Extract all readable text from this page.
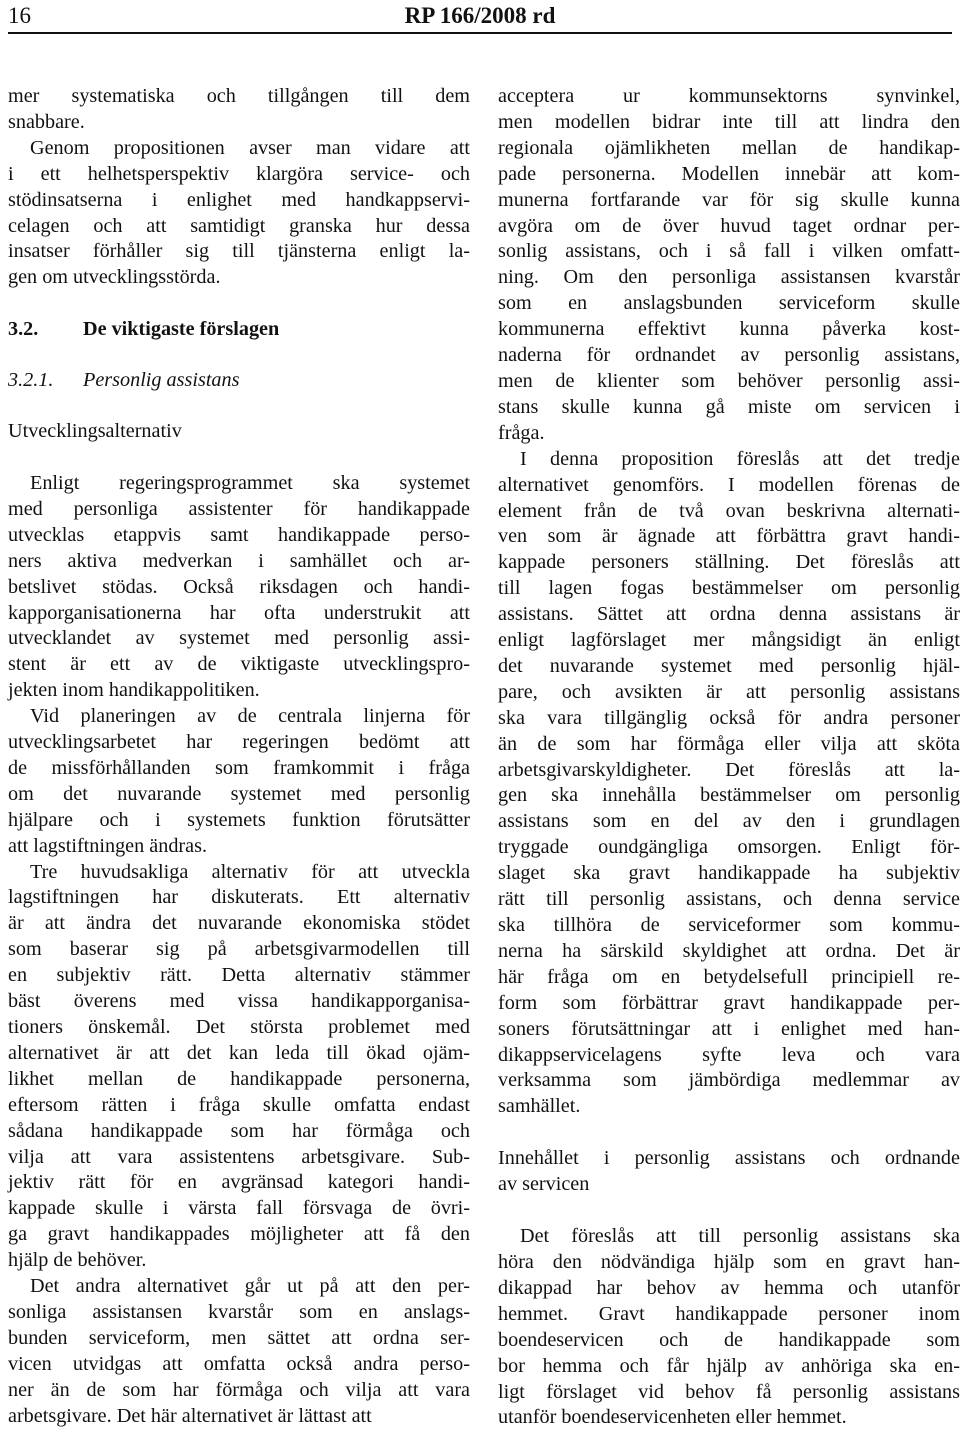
16	RP 166/2008 rd

mer systematiska och tillgången till dem
snabbare.

Genom propositionen avser man vidare att
i ett helhetsperspektiv klargöra service- och
stödinsatserna i enlighet med handkappservi-
celagen och att samtidigt granska hur dessa
insatser förhåller sig till tjänsterna enligt la-
gen om utvecklingsstörda.

3.2. De viktigaste förslagen

3.2.1. Personlig assistans

Utvecklingsalternativ

Enligt regeringsprogrammet ska systemet
med personliga assistenter för handikappade
utvecklas etappvis samt handikappade perso-
ners aktiva medverkan i samhället och ar-
betslivet stödas. Också riksdagen och handi-
kapporganisationerna har ofta understrukit att
utvecklandet av systemet med personlig assi-
stent är ett av de viktigaste utvecklingspro-
jekten inom handikappolitiken.

Vid planeringen av de centrala linjerna för
utvecklingsarbetet har regeringen bedömt att
de missförhållanden som framkommit i fråga
om det nuvarande systemet med personlig
hjälpare och i systemets funktion förutsätter
att lagstiftningen ändras.

Tre huvudsakliga alternativ för att utveckla
lagstiftningen har diskuterats. Ett alternativ
är att ändra det nuvarande ekonomiska stödet
som baserar sig på arbetsgivarmodellen till
en subjektiv rätt. Detta alternativ stämmer
bäst överens med vissa handikapporganisa-
tioners önskemål. Det största problemet med
alternativet är att det kan leda till ökad ojäm-
likhet mellan de handikappade personerna,
eftersom rätten i fråga skulle omfatta endast
sådana handikappade som har förmåga och
vilja att vara assistentens arbetsgivare. Sub-
jektiv rätt för en avgränsad kategori handi-
kappade skulle i värsta fall försvaga de övri-
ga gravt handikappades möjligheter att få den
hjälp de behöver.

Det andra alternativet går ut på att den per-
sonliga assistansen kvarstår som en anslags-
bunden serviceform, men sättet att ordna ser-
vicen utvidgas att omfatta också andra perso-
ner än de som har förmåga och vilja att vara
arbetsgivare. Det här alternativet är lättast att

acceptera ur kommunsektorns synvinkel,
men modellen bidrar inte till att lindra den
regionala ojämlikheten mellan de handikap-
pade personerna. Modellen innebär att kom-
munerna fortfarande var för sig skulle kunna
avgöra om de över huvud taget ordnar per-
sonlig assistans, och i så fall i vilken omfatt-
ning. Om den personliga assistansen kvarstår
som en anslagsbunden serviceform skulle
kommunerna effektivt kunna påverka kost-
naderna för ordnandet av personlig assistans,
men de klienter som behöver personlig assi-
stans skulle kunna gå miste om servicen i
fråga.

I denna proposition föreslås att det tredje
alternativet genomförs. I modellen förenas de
element från de två ovan beskrivna alternati-
ven som är ägnade att förbättra gravt handi-
kappade personers ställning. Det föreslås att
till lagen fogas bestämmelser om personlig
assistans. Sättet att ordna denna assistans är
enligt lagförslaget mer mångsidigt än enligt
det nuvarande systemet med personlig hjäl-
pare, och avsikten är att personlig assistans
ska vara tillgänglig också för andra personer
än de som har förmåga eller vilja att sköta
arbetsgivarskyldigheter. Det föreslås att la-
gen ska innehålla bestämmelser om personlig
assistans som en del av den i grundlagen
tryggade oundgängliga omsorgen. Enligt för-
slaget ska gravt handikappade ha subjektiv
rätt till personlig assistans, och denna service
ska tillhöra de serviceformer som kommu-
nerna ha särskild skyldighet att ordna. Det är
här fråga om en betydelsefull principiell re-
form som förbättrar gravt handikappade per-
soners förutsättningar att i enlighet med han-
dikappservicelagens syfte leva och vara
verksamma som jämbördiga medlemmar av
samhället.

Innehållet i personlig assistans och ordnande
av servicen

Det föreslås att till personlig assistans ska
höra den nödvändiga hjälp som en gravt han-
dikappad har behov av hemma och utanför
hemmet. Gravt handikappade personer inom
boendeservicen och de handikappade som
bor hemma och får hjälp av anhöriga ska en-
ligt förslaget vid behov få personlig assistans
utanför boendeservicenheten eller hemmet.
